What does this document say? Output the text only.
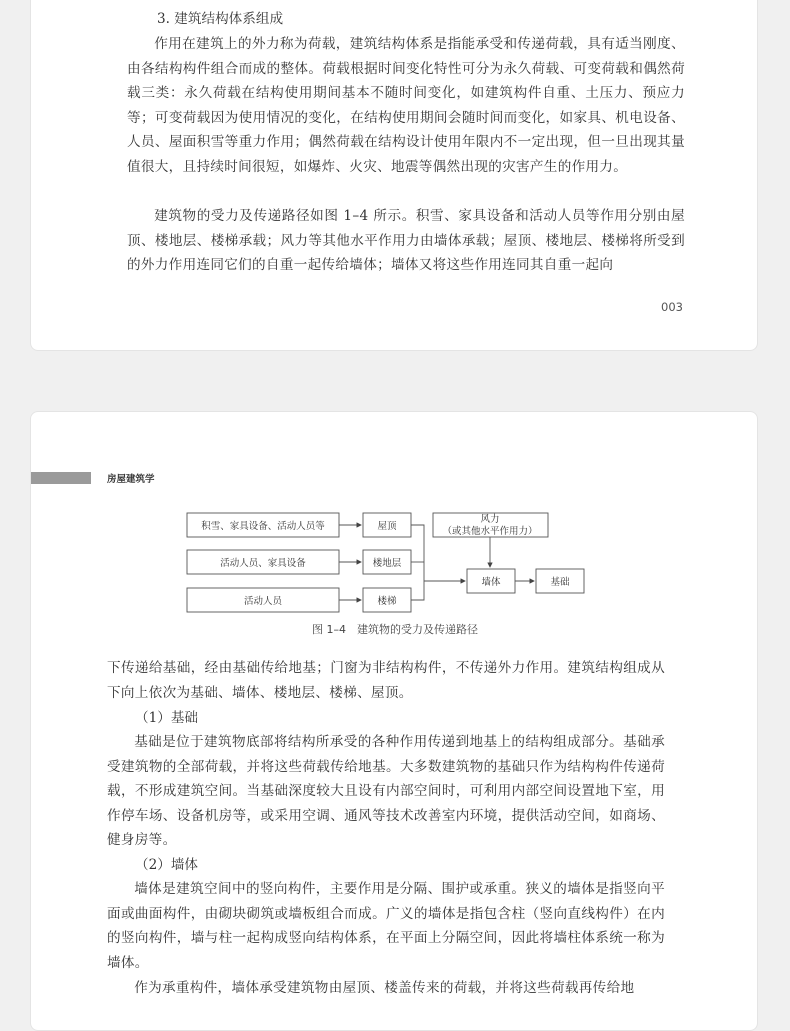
3. 建筑结构体系组成

作用在建筑上的外力称为荷载，建筑结构体系是指能承受和传递荷载，具有适当刚度、由各结构构件组合而成的整体。荷载根据时间变化特性可分为永久荷载、可变荷载和偶然荷载三类：永久荷载在结构使用期间基本不随时间变化，如建筑构件自重、土压力、预应力等；可变荷载因为使用情况的变化，在结构使用期间会随时间而变化，如家具、机电设备、人员、屋面积雪等重力作用；偶然荷载在结构设计使用年限内不一定出现，但一旦出现其量值很大，且持续时间很短，如爆炸、火灾、地震等偶然出现的灾害产生的作用力。

建筑物的受力及传递路径如图 1–4 所示。积雪、家具设备和活动人员等作用分别由屋顶、楼地层、楼梯承载；风力等其他水平作用力由墙体承载；屋顶、楼地层、楼梯将所受到的外力作用连同它们的自重一起传给墙体；墙体又将这些作用连同其自重一起向

003
房屋建筑学
积雪、家具设备、活动人员等
活动人员、家具设备
活动人员
屋顶
楼地层
楼梯
风力
（或其他水平作用力）
墙体	基础
图 1–4　建筑物的受力及传递路径

下传递给基础，经由基础传给地基；门窗为非结构构件，不传递外力作用。建筑结构组成从下向上依次为基础、墙体、楼地层、楼梯、屋顶。

（1）基础

基础是位于建筑物底部将结构所承受的各种作用传递到地基上的结构组成部分。基础承受建筑物的全部荷载，并将这些荷载传给地基。大多数建筑物的基础只作为结构构件传递荷载，不形成建筑空间。当基础深度较大且设有内部空间时，可利用内部空间设置地下室，用作停车场、设备机房等，或采用空调、通风等技术改善室内环境，提供活动空间，如商场、健身房等。

（2）墙体

墙体是建筑空间中的竖向构件，主要作用是分隔、围护或承重。狭义的墙体是指竖向平面或曲面构件，由砌块砌筑或墙板组合而成。广义的墙体是指包含柱（竖向直线构件）在内的竖向构件，墙与柱一起构成竖向结构体系，在平面上分隔空间，因此将墙柱体系统一称为墙体。

作为承重构件，墙体承受建筑物由屋顶、楼盖传来的荷载，并将这些荷载再传给地
